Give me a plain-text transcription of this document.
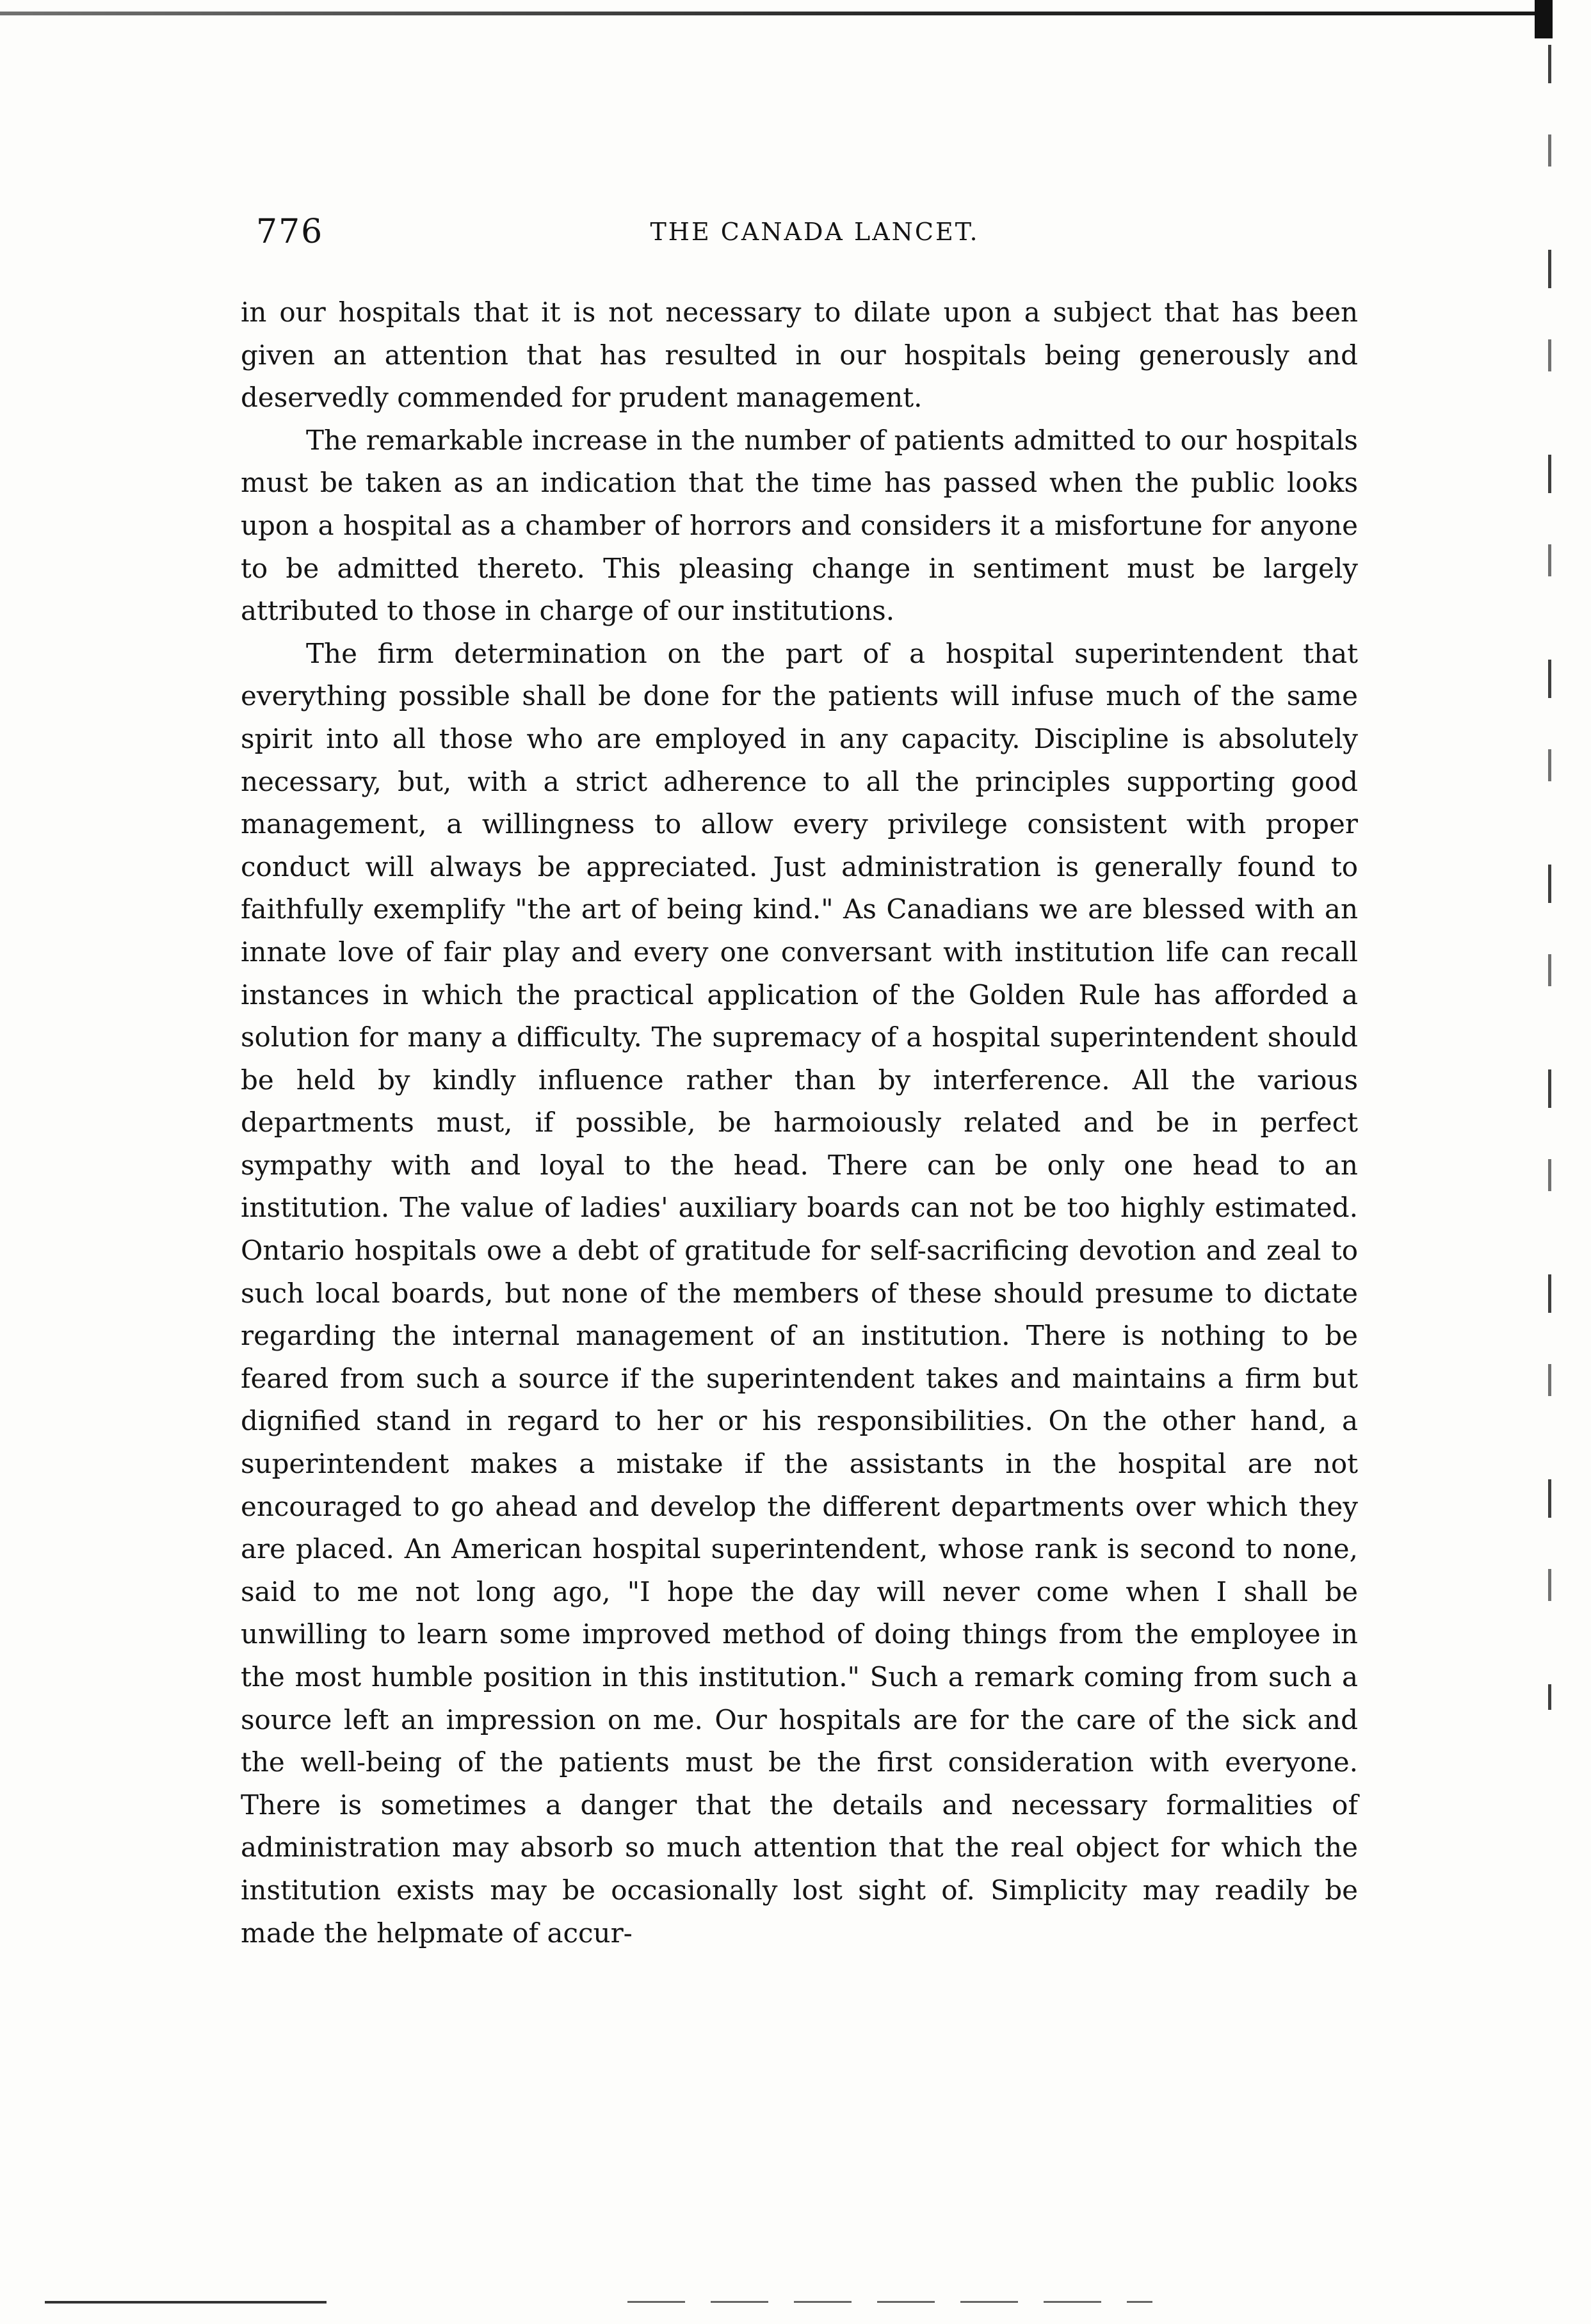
776	THE CANADA LANCET.

in our hospitals that it is not necessary to dilate upon a subject that has been given an attention that has resulted in our hospitals being generously and deservedly commended for prudent management.

The remarkable increase in the number of patients admitted to our hospitals must be taken as an indication that the time has passed when the public looks upon a hospital as a chamber of horrors and considers it a misfortune for anyone to be admitted thereto. This pleasing change in sentiment must be largely attributed to those in charge of our institutions.

The firm determination on the part of a hospital superintendent that everything possible shall be done for the patients will infuse much of the same spirit into all those who are employed in any capacity. Discipline is absolutely necessary, but, with a strict adherence to all the principles supporting good management, a willingness to allow every privilege consistent with proper conduct will always be appreciated. Just administration is generally found to faithfully exemplify "the art of being kind." As Canadians we are blessed with an innate love of fair play and every one conversant with institution life can recall instances in which the practical application of the Golden Rule has afforded a solution for many a difficulty. The supremacy of a hospital superintendent should be held by kindly influence rather than by interference. All the various departments must, if possible, be harmoiously related and be in perfect sympathy with and loyal to the head. There can be only one head to an institution. The value of ladies' auxiliary boards can not be too highly estimated. Ontario hospitals owe a debt of gratitude for self-sacrificing devotion and zeal to such local boards, but none of the members of these should presume to dictate regarding the internal management of an institution. There is nothing to be feared from such a source if the superintendent takes and maintains a firm but dignified stand in regard to her or his responsibilities. On the other hand, a superintendent makes a mistake if the assistants in the hospital are not encouraged to go ahead and develop the different departments over which they are placed. An American hospital superintendent, whose rank is second to none, said to me not long ago, "I hope the day will never come when I shall be unwilling to learn some improved method of doing things from the employee in the most humble position in this institution." Such a remark coming from such a source left an impression on me. Our hospitals are for the care of the sick and the well-being of the patients must be the first consideration with everyone. There is sometimes a danger that the details and necessary formalities of administration may absorb so much attention that the real object for which the institution exists may be occasionally lost sight of. Simplicity may readily be made the helpmate of accur-
